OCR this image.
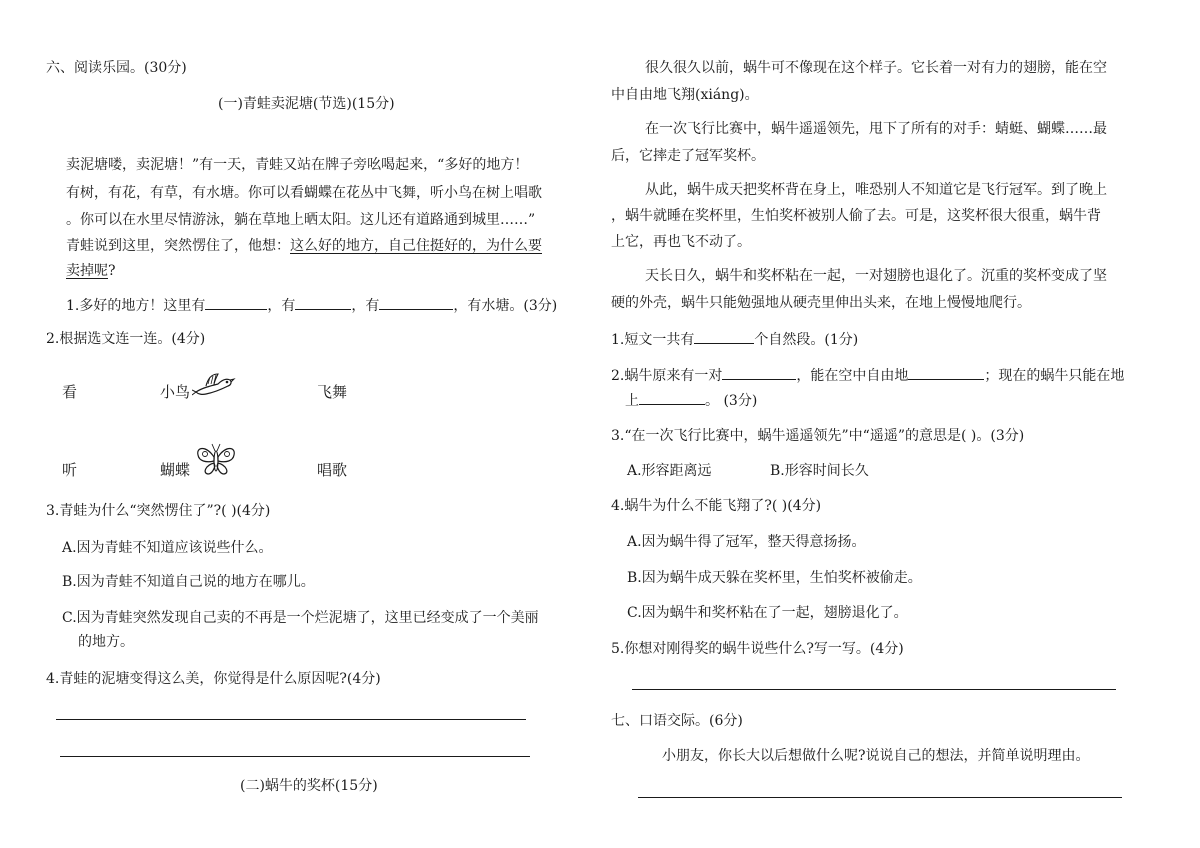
六、阅读乐园。(30分)
(一)青蛙卖泥塘(节选)(15分)
卖泥塘喽，卖泥塘！”有一天，青蛙又站在牌子旁吆喝起来，“多好的地方！
有树，有花，有草，有水塘。你可以看蝴蝶在花丛中飞舞，听小鸟在树上唱歌
。你可以在水里尽情游泳，躺在草地上晒太阳。这儿还有道路通到城里……”
青蛙说到这里，突然愣住了，他想：这么好的地方，自己住挺好的，为什么要
卖掉呢?
1.多好的地方！这里有	，有	，有	，有水塘。(3分)
2.根据选文连一连。(4分)
看	小鸟	飞舞
听	蝴蝶	唱歌
3.青蛙为什么“突然愣住了”?( )(4分)
A.因为青蛙不知道应该说些什么。
B.因为青蛙不知道自己说的地方在哪儿。
C.因为青蛙突然发现自己卖的不再是一个烂泥塘了，这里已经变成了一个美丽
的地方。
4.青蛙的泥塘变得这么美，你觉得是什么原因呢?(4分)
(二)蜗牛的奖杯(15分)
很久很久以前，蜗牛可不像现在这个样子。它长着一对有力的翅膀，能在空
中自由地飞翔(xiáng)。
在一次飞行比赛中，蜗牛遥遥领先，甩下了所有的对手：蜻蜓、蝴蝶……最
后，它摔走了冠军奖杯。
从此，蜗牛成天把奖杯背在身上，唯恐别人不知道它是飞行冠军。到了晚上
，蜗牛就睡在奖杯里，生怕奖杯被别人偷了去。可是，这奖杯很大很重，蜗牛背
上它，再也飞不动了。
天长日久，蜗牛和奖杯粘在一起，一对翅膀也退化了。沉重的奖杯变成了坚
硬的外壳，蜗牛只能勉强地从硬壳里伸出头来，在地上慢慢地爬行。
1.短文一共有	个自然段。(1分)
2.蜗牛原来有一对	，能在空中自由地	；现在的蜗牛只能在地
上	。 (3分)
3.“在一次飞行比赛中，蜗牛遥遥领先”中“遥遥”的意思是( )。(3分)
A.形容距离远	B.形容时间长久
4.蜗牛为什么不能飞翔了?( )(4分)
A.因为蜗牛得了冠军，整天得意扬扬。
B.因为蜗牛成天躲在奖杯里，生怕奖杯被偷走。
C.因为蜗牛和奖杯粘在了一起，翅膀退化了。
5.你想对刚得奖的蜗牛说些什么?写一写。(4分)
七、口语交际。(6分)
小朋友，你长大以后想做什么呢?说说自己的想法，并简单说明理由。
